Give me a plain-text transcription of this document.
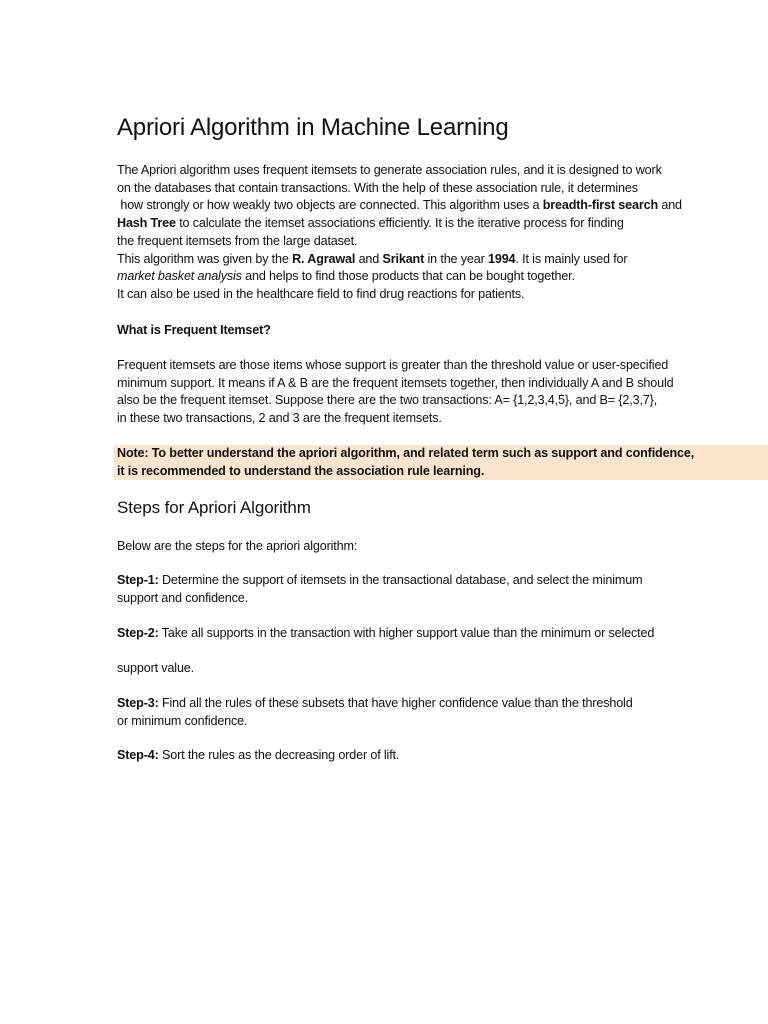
Apriori Algorithm in Machine Learning

The Apriori algorithm uses frequent itemsets to generate association rules, and it is designed to work
on the databases that contain transactions. With the help of these association rule, it determines
how strongly or how weakly two objects are connected. This algorithm uses a breadth-first search and
Hash Tree to calculate the itemset associations efficiently. It is the iterative process for finding
the frequent itemsets from the large dataset.
This algorithm was given by the R. Agrawal and Srikant in the year 1994. It is mainly used for
market basket analysis and helps to find those products that can be bought together.
It can also be used in the healthcare field to find drug reactions for patients.

What is Frequent Itemset?

Frequent itemsets are those items whose support is greater than the threshold value or user-specified
minimum support. It means if A & B are the frequent itemsets together, then individually A and B should
also be the frequent itemset. Suppose there are the two transactions: A= {1,2,3,4,5}, and B= {2,3,7},
in these two transactions, 2 and 3 are the frequent itemsets.

Note: To better understand the apriori algorithm, and related term such as support and confidence,
it is recommended to understand the association rule learning.

Steps for Apriori Algorithm

Below are the steps for the apriori algorithm:

Step-1: Determine the support of itemsets in the transactional database, and select the minimum
support and confidence.

Step-2: Take all supports in the transaction with higher support value than the minimum or selected

support value.

Step-3: Find all the rules of these subsets that have higher confidence value than the threshold
or minimum confidence.

Step-4: Sort the rules as the decreasing order of lift.
